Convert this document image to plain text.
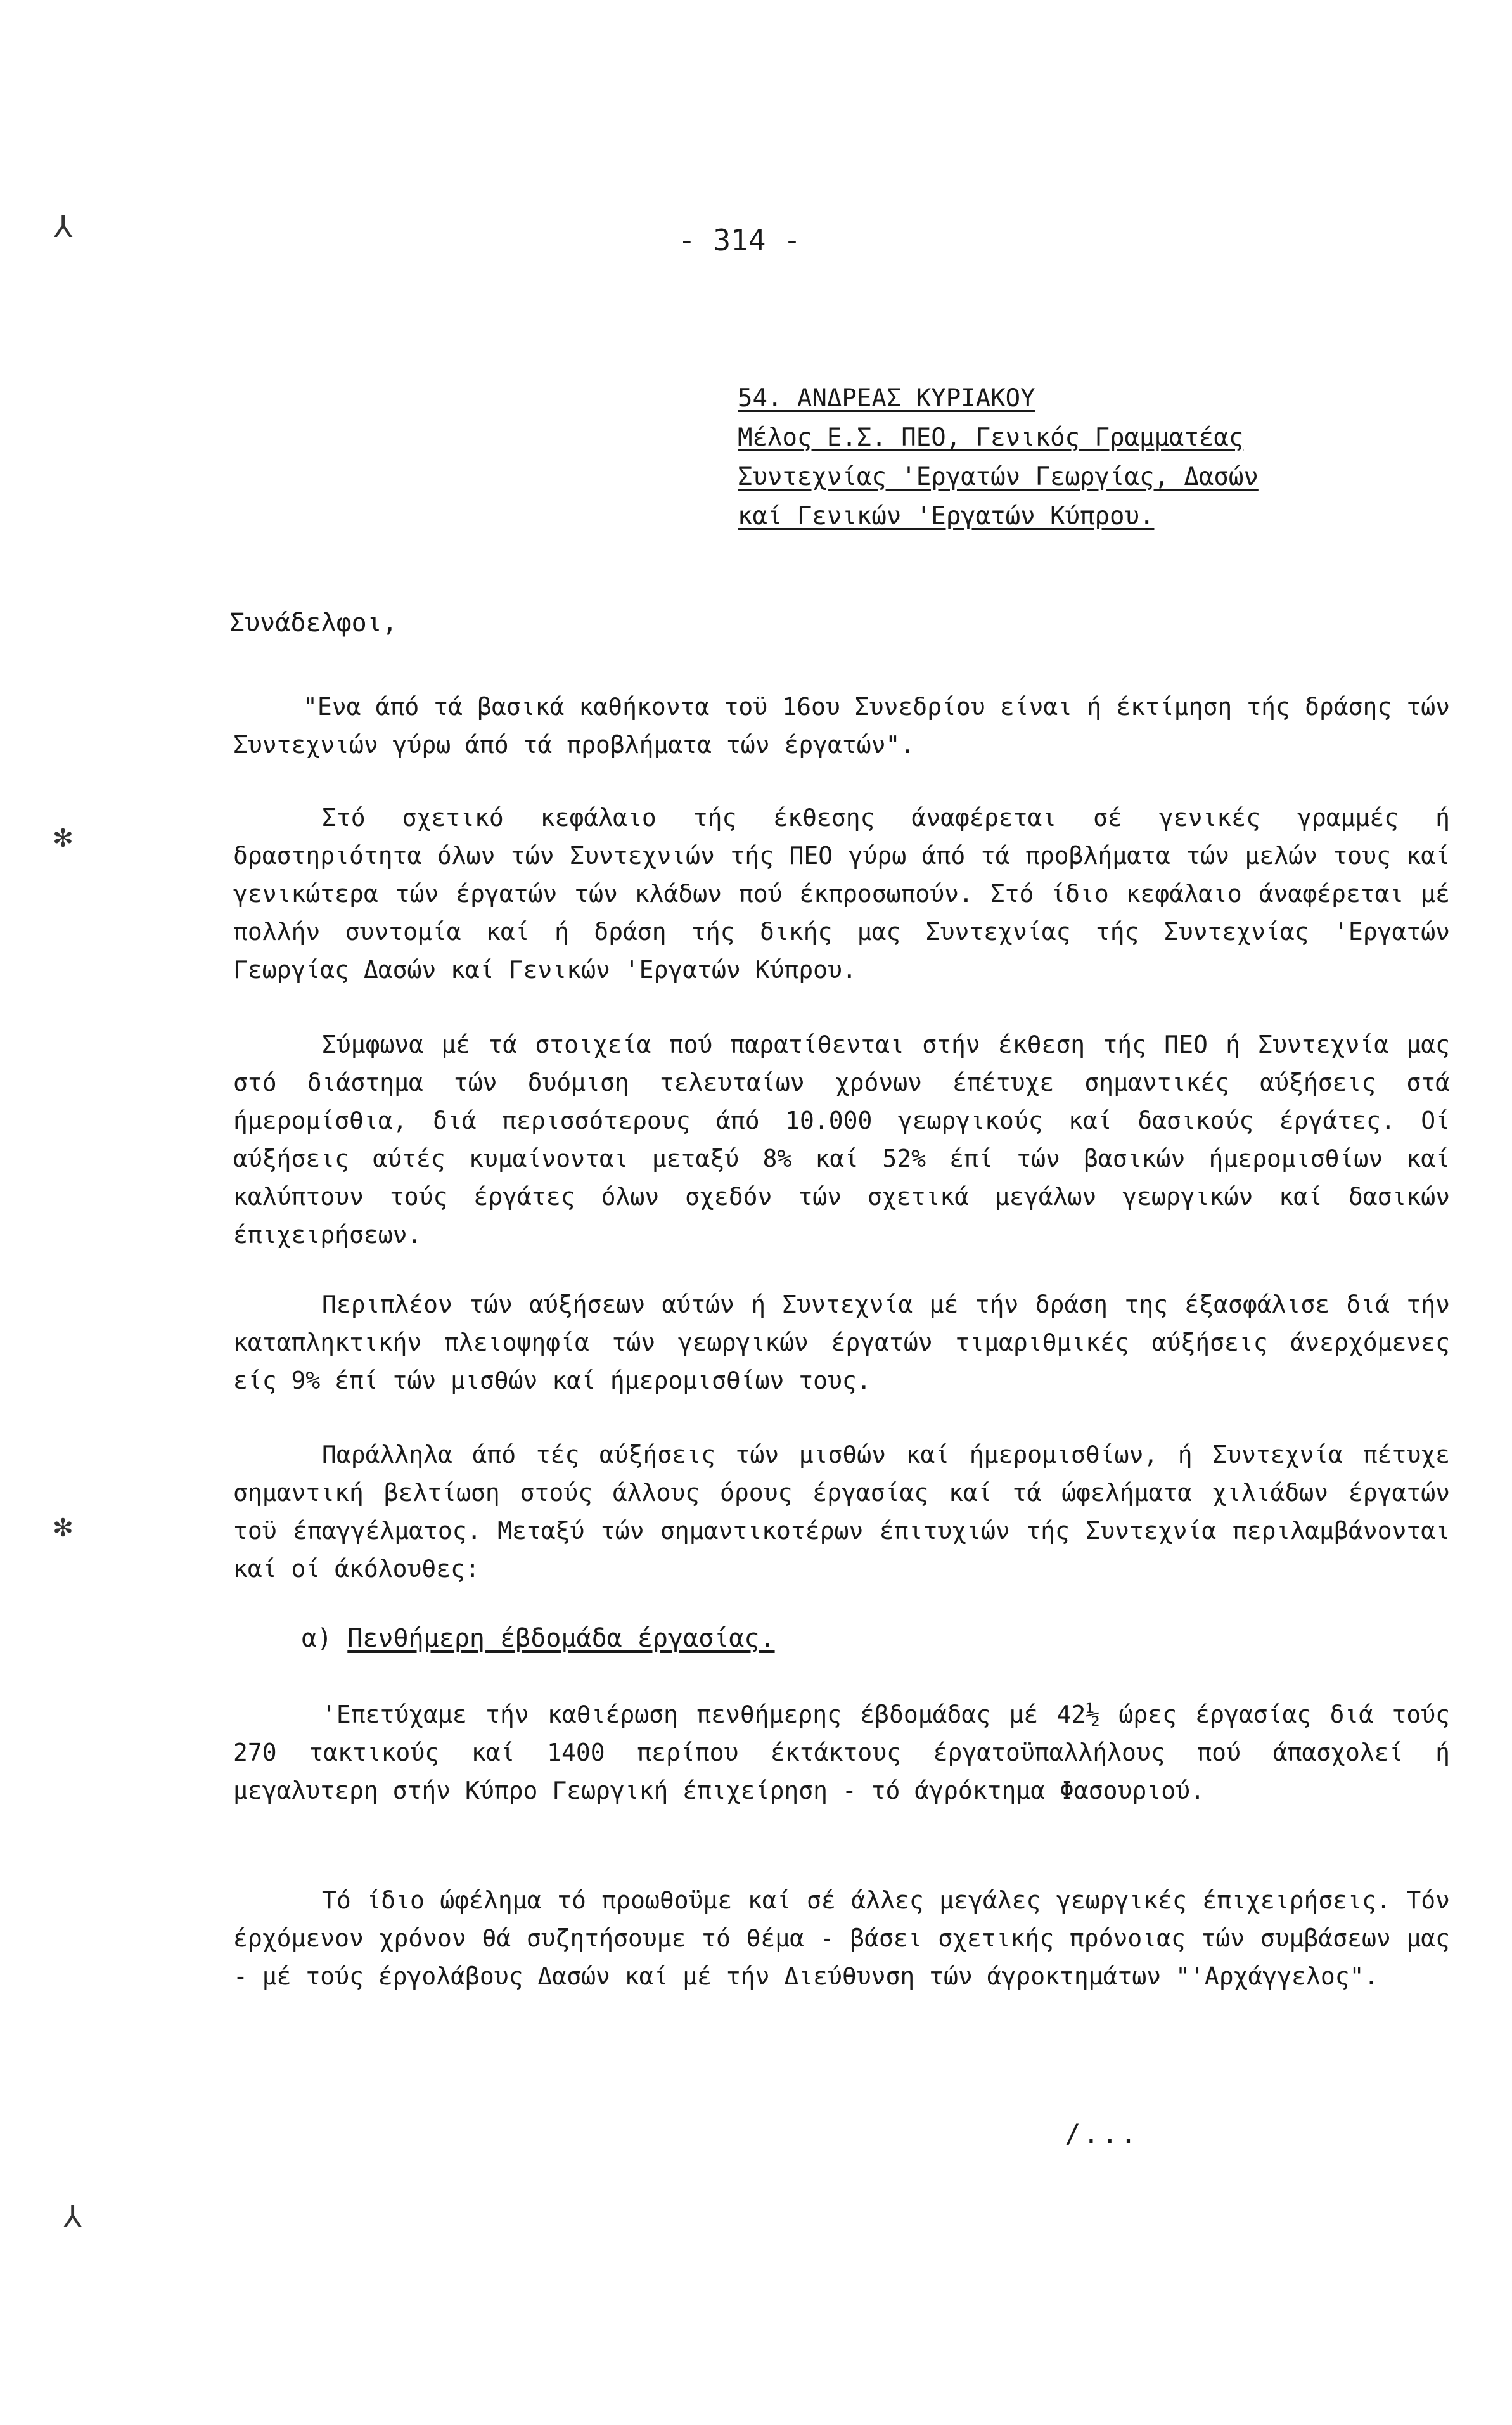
⅄
✻
✻
⅄
- 314 -
54. ΑΝΔΡΕΑΣ ΚΥΡΙΑΚΟΥ
Μέλος Ε.Σ. ΠΕΟ, Γενικός Γραμματέας
Συντεχνίας 'Εργατών Γεωργίας, Δασών
καί Γενικών 'Εργατών Κύπρου.
Συνάδελφοι,

"Ενα άπό τά βασικά καθήκοντα τοϋ 16ου Συνεδρίου είναι ή έκτίμηση τής δράσης τών Συντεχνιών γύρω άπό τά προβλήματα τών έργατών".

Στό σχετικό κεφάλαιο τής έκθεσης άναφέρεται σέ γενικές γραμμές ή δραστηριότητα όλων τών Συντεχνιών τής ΠΕΟ γύρω άπό τά προβλήματα τών μελών τους καί γενικώτερα τών έργατών τών κλάδων πού έκπροσωπούν. Στό ίδιο κεφάλαιο άναφέρεται μέ πολλήν συντομία καί ή δράση τής δικής μας Συντεχνίας τής Συντεχνίας 'Εργατών Γεωργίας Δασών καί Γενικών 'Εργατών Κύπρου.

Σύμφωνα μέ τά στοιχεία πού παρατίθενται στήν έκθεση τής ΠΕΟ ή Συντεχνία μας στό διάστημα τών δυόμιση τελευταίων χρόνων έπέτυχε σημαντικές αύξήσεις στά ήμερομίσθια, διά περισσότερους άπό 10.000 γεωργικούς καί δασικούς έργάτες. Οί αύξήσεις αύτές κυμαίνονται μεταξύ 8% καί 52% έπί τών βασικών ήμερομισθίων καί καλύπτουν τούς έργάτες όλων σχεδόν τών σχετικά μεγάλων γεωργικών καί δασικών έπιχειρήσεων.

Περιπλέον τών αύξήσεων αύτών ή Συντεχνία μέ τήν δράση της έξασφάλισε διά τήν καταπληκτικήν πλειοψηφία τών γεωργικών έργατών τιμαριθμικές αύξήσεις άνερχόμενες είς 9% έπί τών μισθών καί ήμερομισθίων τους.

Παράλληλα άπό τές αύξήσεις τών μισθών καί ήμερομισθίων, ή Συντεχνία πέτυχε σημαντική βελτίωση στούς άλλους όρους έργασίας καί τά ώφελήματα χιλιάδων έργατών τοϋ έπαγγέλματος. Μεταξύ τών σημαντικοτέρων έπιτυχιών τής Συντεχνία περιλαμβάνονται καί οί άκόλουθες:

α) Πενθήμερη έβδομάδα έργασίας.

'Επετύχαμε τήν καθιέρωση πενθήμερης έβδομάδας μέ 42½ ώρες έργασίας διά τούς 270 τακτικούς καί 1400 περίπου έκτάκτους έργατοϋπαλλήλους πού άπασχολεί ή μεγαλυτερη στήν Κύπρο Γεωργική έπιχείρηση - τό άγρόκτημα Φασουριού.

Τό ίδιο ώφέλημα τό προωθοϋμε καί σέ άλλες μεγάλες γεωργικές έπιχειρήσεις. Τόν έρχόμενον χρόνον θά συζητήσουμε τό θέμα - βάσει σχετικής πρόνοιας τών συμβάσεων μας - μέ τούς έργολάβους Δασών καί μέ τήν Διεύθυνση τών άγροκτημάτων "'Αρχάγγελος".

/...
